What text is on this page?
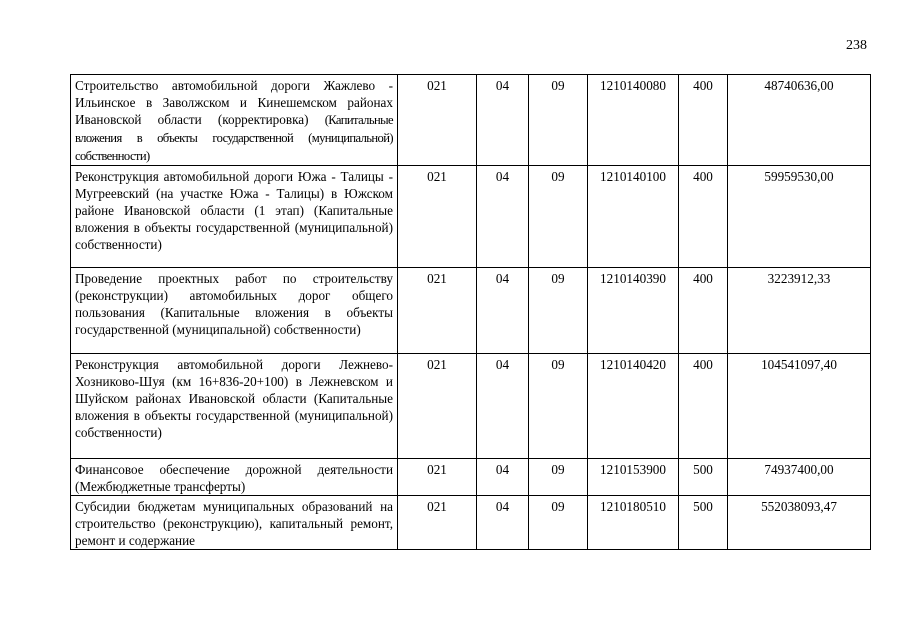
238
Строительство автомобильной дороги Жажлево - Ильинское в Заволжском и Кинешемском районах Ивановской области (корректировка) (Капитальные вложения в объекты государственной (муниципальной) собственности)	021	04	09	1210140080	400	48740636,00
Реконструкция автомобильной дороги Южа - Талицы - Мугреевский (на участке Южа - Талицы) в Южском районе Ивановской области (1 этап) (Капитальные вложения в объекты государственной (муниципальной) собственности)	021	04	09	1210140100	400	59959530,00
Проведение проектных работ по строительству (реконструкции) автомобильных дорог общего пользования (Капитальные вложения в объекты государственной (муниципальной) собственности)	021	04	09	1210140390	400	3223912,33
Реконструкция автомобильной дороги Лежнево-Хозниково-Шуя (км 16+836-20+100) в Лежневском и Шуйском районах Ивановской области (Капитальные вложения в объекты государственной (муниципальной) собственности)	021	04	09	1210140420	400	104541097,40
Финансовое обеспечение дорожной деятельности (Межбюджетные трансферты)	021	04	09	1210153900	500	74937400,00
Субсидии бюджетам муниципальных образований на строительство (реконструкцию), капитальный ремонт, ремонт и содержание	021	04	09	1210180510	500	552038093,47
